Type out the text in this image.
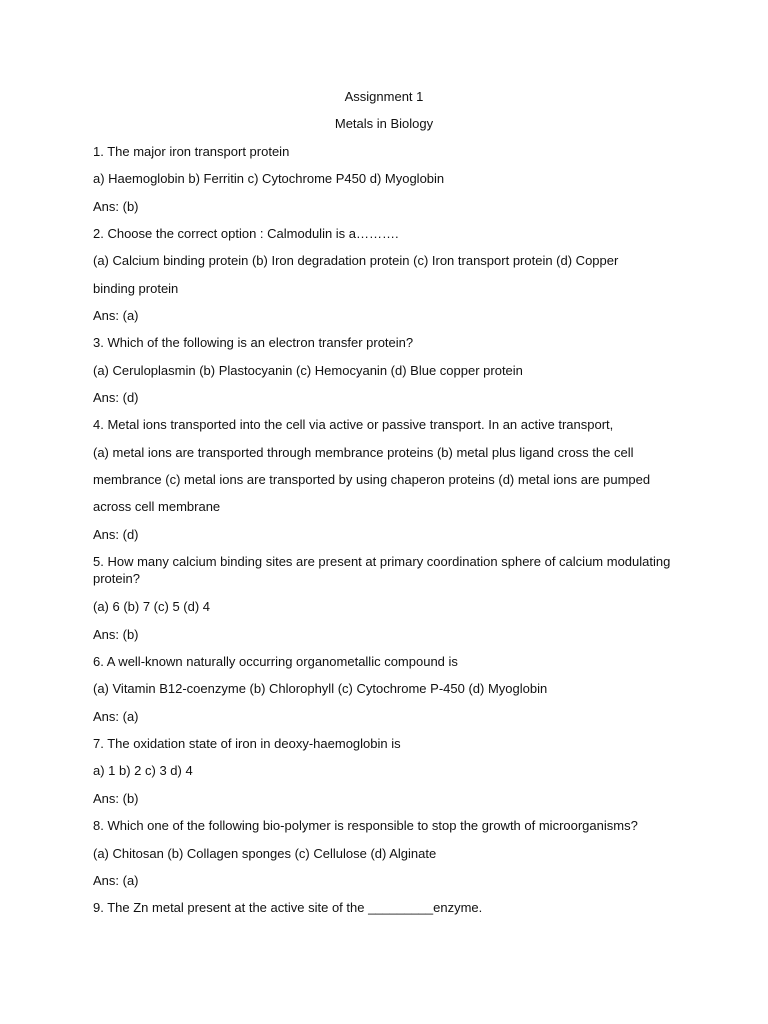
Assignment 1
Metals in Biology
1. The major iron transport protein
a) Haemoglobin b) Ferritin c) Cytochrome P450 d) Myoglobin
Ans: (b)
2. Choose the correct option : Calmodulin is a……….
(a) Calcium binding protein (b) Iron degradation protein (c) Iron transport protein (d) Copper
binding protein
Ans: (a)
3. Which of the following is an electron transfer protein?
(a) Ceruloplasmin (b) Plastocyanin (c) Hemocyanin (d) Blue copper protein
Ans: (d)
4. Metal ions transported into the cell via active or passive transport. In an active transport,
(a) metal ions are transported through membrance proteins (b) metal plus ligand cross the cell
membrance (c) metal ions are transported by using chaperon proteins (d) metal ions are pumped
across cell membrane
Ans: (d)
5. How many calcium binding sites are present at primary coordination sphere of calcium modulating protein?
(a) 6 (b) 7 (c) 5 (d) 4
Ans: (b)
6. A well-known naturally occurring organometallic compound is
(a) Vitamin B12-coenzyme (b) Chlorophyll (c) Cytochrome P-450 (d) Myoglobin
Ans: (a)
7. The oxidation state of iron in deoxy-haemoglobin is
a) 1 b) 2 c) 3 d) 4
Ans: (b)
8. Which one of the following bio-polymer is responsible to stop the growth of microorganisms?
(a) Chitosan (b) Collagen sponges (c) Cellulose (d) Alginate
Ans: (a)
9. The Zn metal present at the active site of the _________enzyme.
